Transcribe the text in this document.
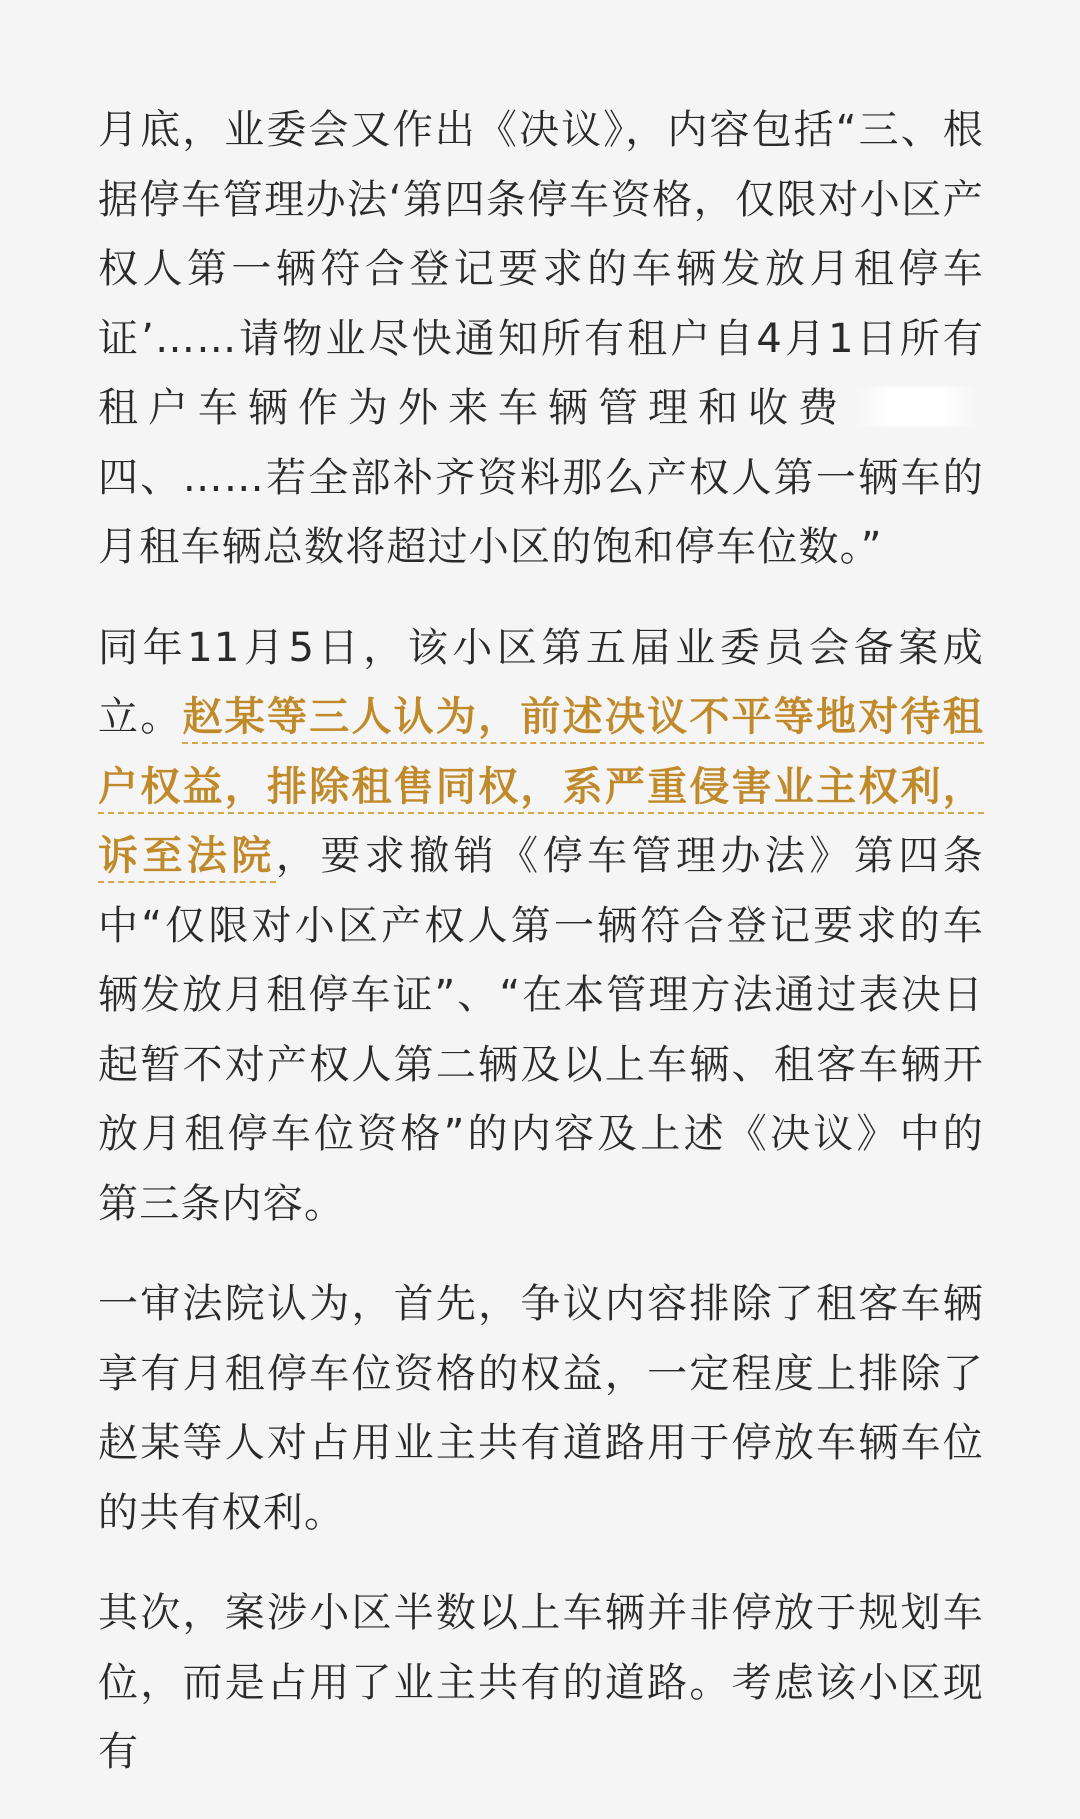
月底，业委会又作出《决议》，内容包括“三、根据停车管理办法‘第四条停车资格，仅限对小区产权人第一辆符合登记要求的车辆发放月租停车证’……请物业尽快通知所有租户自4月1日所有租户车辆作为外来车辆管理和收费四、……若全部补齐资料那么产权人第一辆车的月租车辆总数将超过小区的饱和停车位数。”

同年11月5日，该小区第五届业委员会备案成立。赵某等三人认为，前述决议不平等地对待租户权益，排除租售同权，系严重侵害业主权利，诉至法院，要求撤销《停车管理办法》第四条中“仅限对小区产权人第一辆符合登记要求的车辆发放月租停车证”、“在本管理方法通过表决日起暂不对产权人第二辆及以上车辆、租客车辆开放月租停车位资格”的内容及上述《决议》中的第三条内容。

一审法院认为，首先，争议内容排除了租客车辆享有月租停车位资格的权益，一定程度上排除了赵某等人对占用业主共有道路用于停放车辆车位的共有权利。

其次，案涉小区半数以上车辆并非停放于规划车位，而是占用了业主共有的道路。考虑该小区现有
